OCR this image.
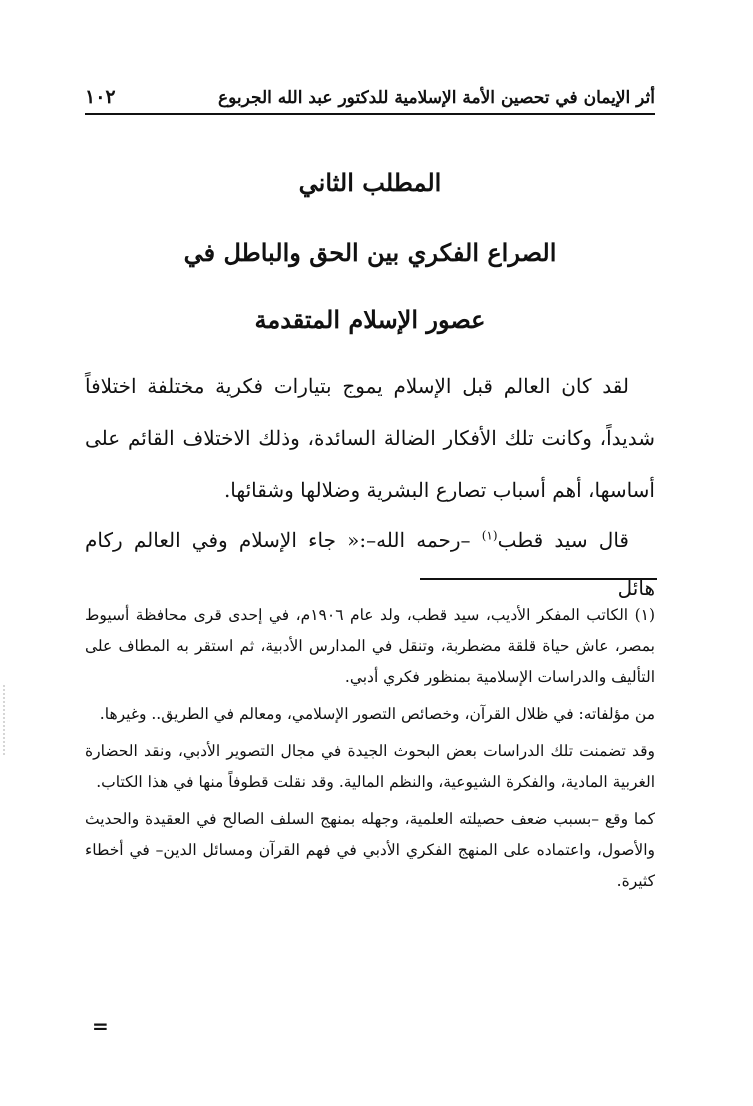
أثر الإيمان في تحصين الأمة الإسلامية للدكتور عبد الله الجربوع
١٠٢
المطلب الثاني
الصراع الفكري بين الحق والباطل في
عصور الإسلام المتقدمة

لقد كان العالم قبل الإسلام يموج بتيارات فكرية مختلفة اختلافاً شديداً، وكانت تلك الأفكار الضالة السائدة، وذلك الاختلاف القائم على أساسها، أهم أسباب تصارع البشرية وضلالها وشقائها.

قال سيد قطب$^{(١)}$ –رحمه الله–:« جاء الإسلام وفي العالم ركام هائل

(١) الكاتب المفكر الأديب، سيد قطب، ولد عام ١٩٠٦م، في إحدى قرى محافظة أسيوط بمصر، عاش حياة قلقة مضطربة، وتنقل في المدارس الأدبية، ثم استقر به المطاف على التأليف والدراسات الإسلامية بمنظور فكري أدبي.

من مؤلفاته: في ظلال القرآن، وخصائص التصور الإسلامي، ومعالم في الطريق.. وغيرها.

وقد تضمنت تلك الدراسات بعض البحوث الجيدة في مجال التصوير الأدبي، ونقد الحضارة الغربية المادية، والفكرة الشيوعية، والنظم المالية. وقد نقلت قطوفاً منها في هذا الكتاب.

كما وقع –بسبب ضعف حصيلته العلمية، وجهله بمنهج السلف الصالح في العقيدة والحديث والأصول، واعتماده على المنهج الفكري الأدبي في فهم القرآن ومسائل الدين– في أخطاء كثيرة.

=
